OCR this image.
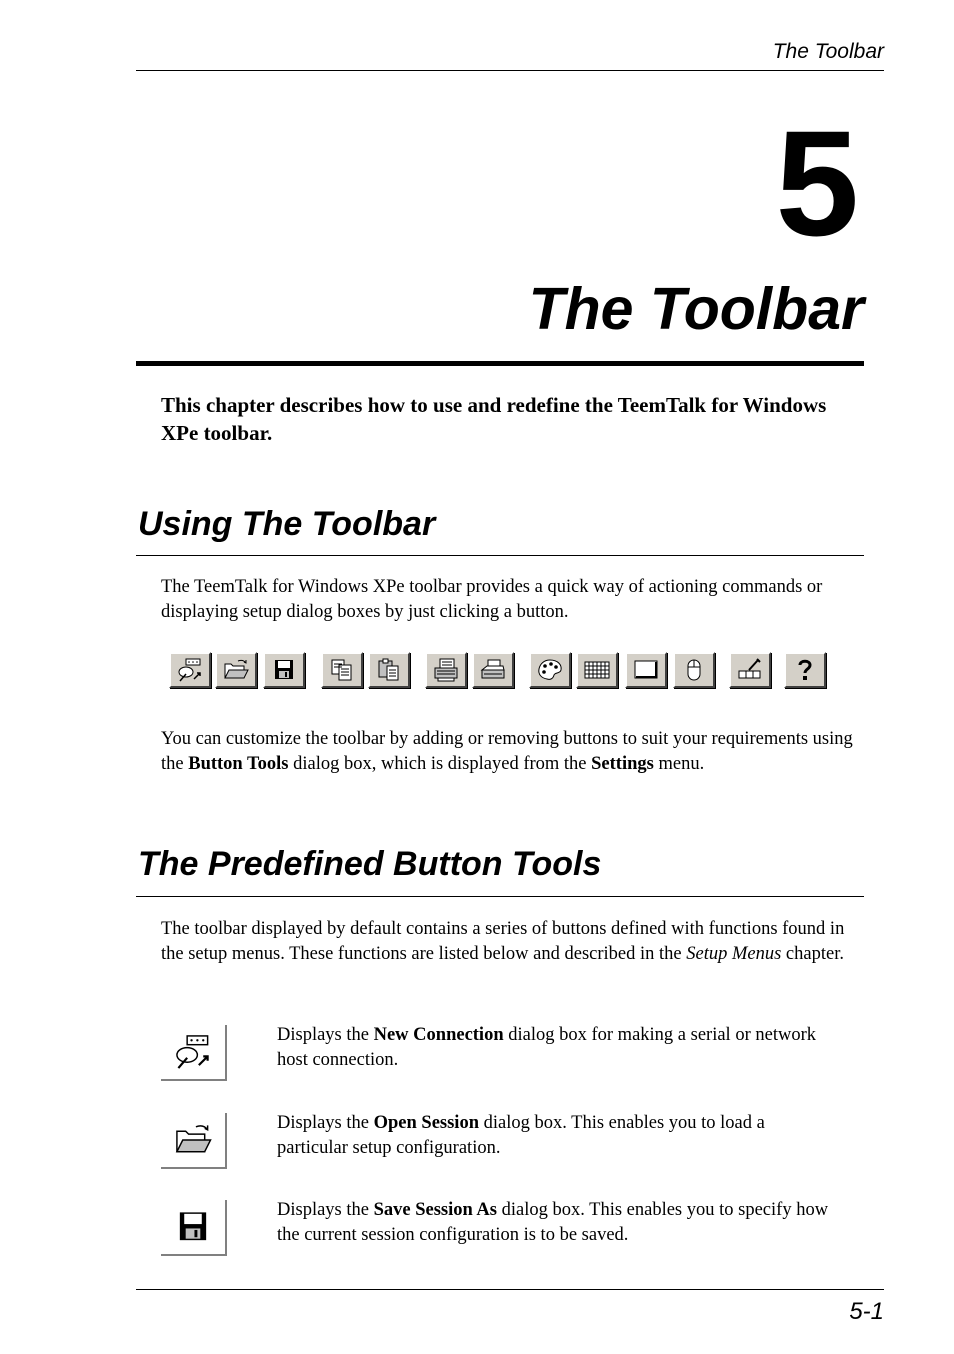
The Toolbar
5
The Toolbar
This chapter describes how to use and redefine the TeemTalk for Windows XPe toolbar.
Using The Toolbar
The TeemTalk for Windows XPe toolbar provides a quick way of actioning commands or displaying setup dialog boxes by just clicking a button.
You can customize the toolbar by adding or removing buttons to suit your requirements using the Button Tools dialog box, which is displayed from the Settings menu.
The Predefined Button Tools
The toolbar displayed by default contains a series of buttons defined with functions found in the setup menus. These functions are listed below and described in the Setup Menus chapter.
Displays the New Connection dialog box for making a serial or network host connection.
Displays the Open Session dialog box. This enables you to load a particular setup configuration.
Displays the Save Session As dialog box. This enables you to specify how the current session configuration is to be saved.
5-1
